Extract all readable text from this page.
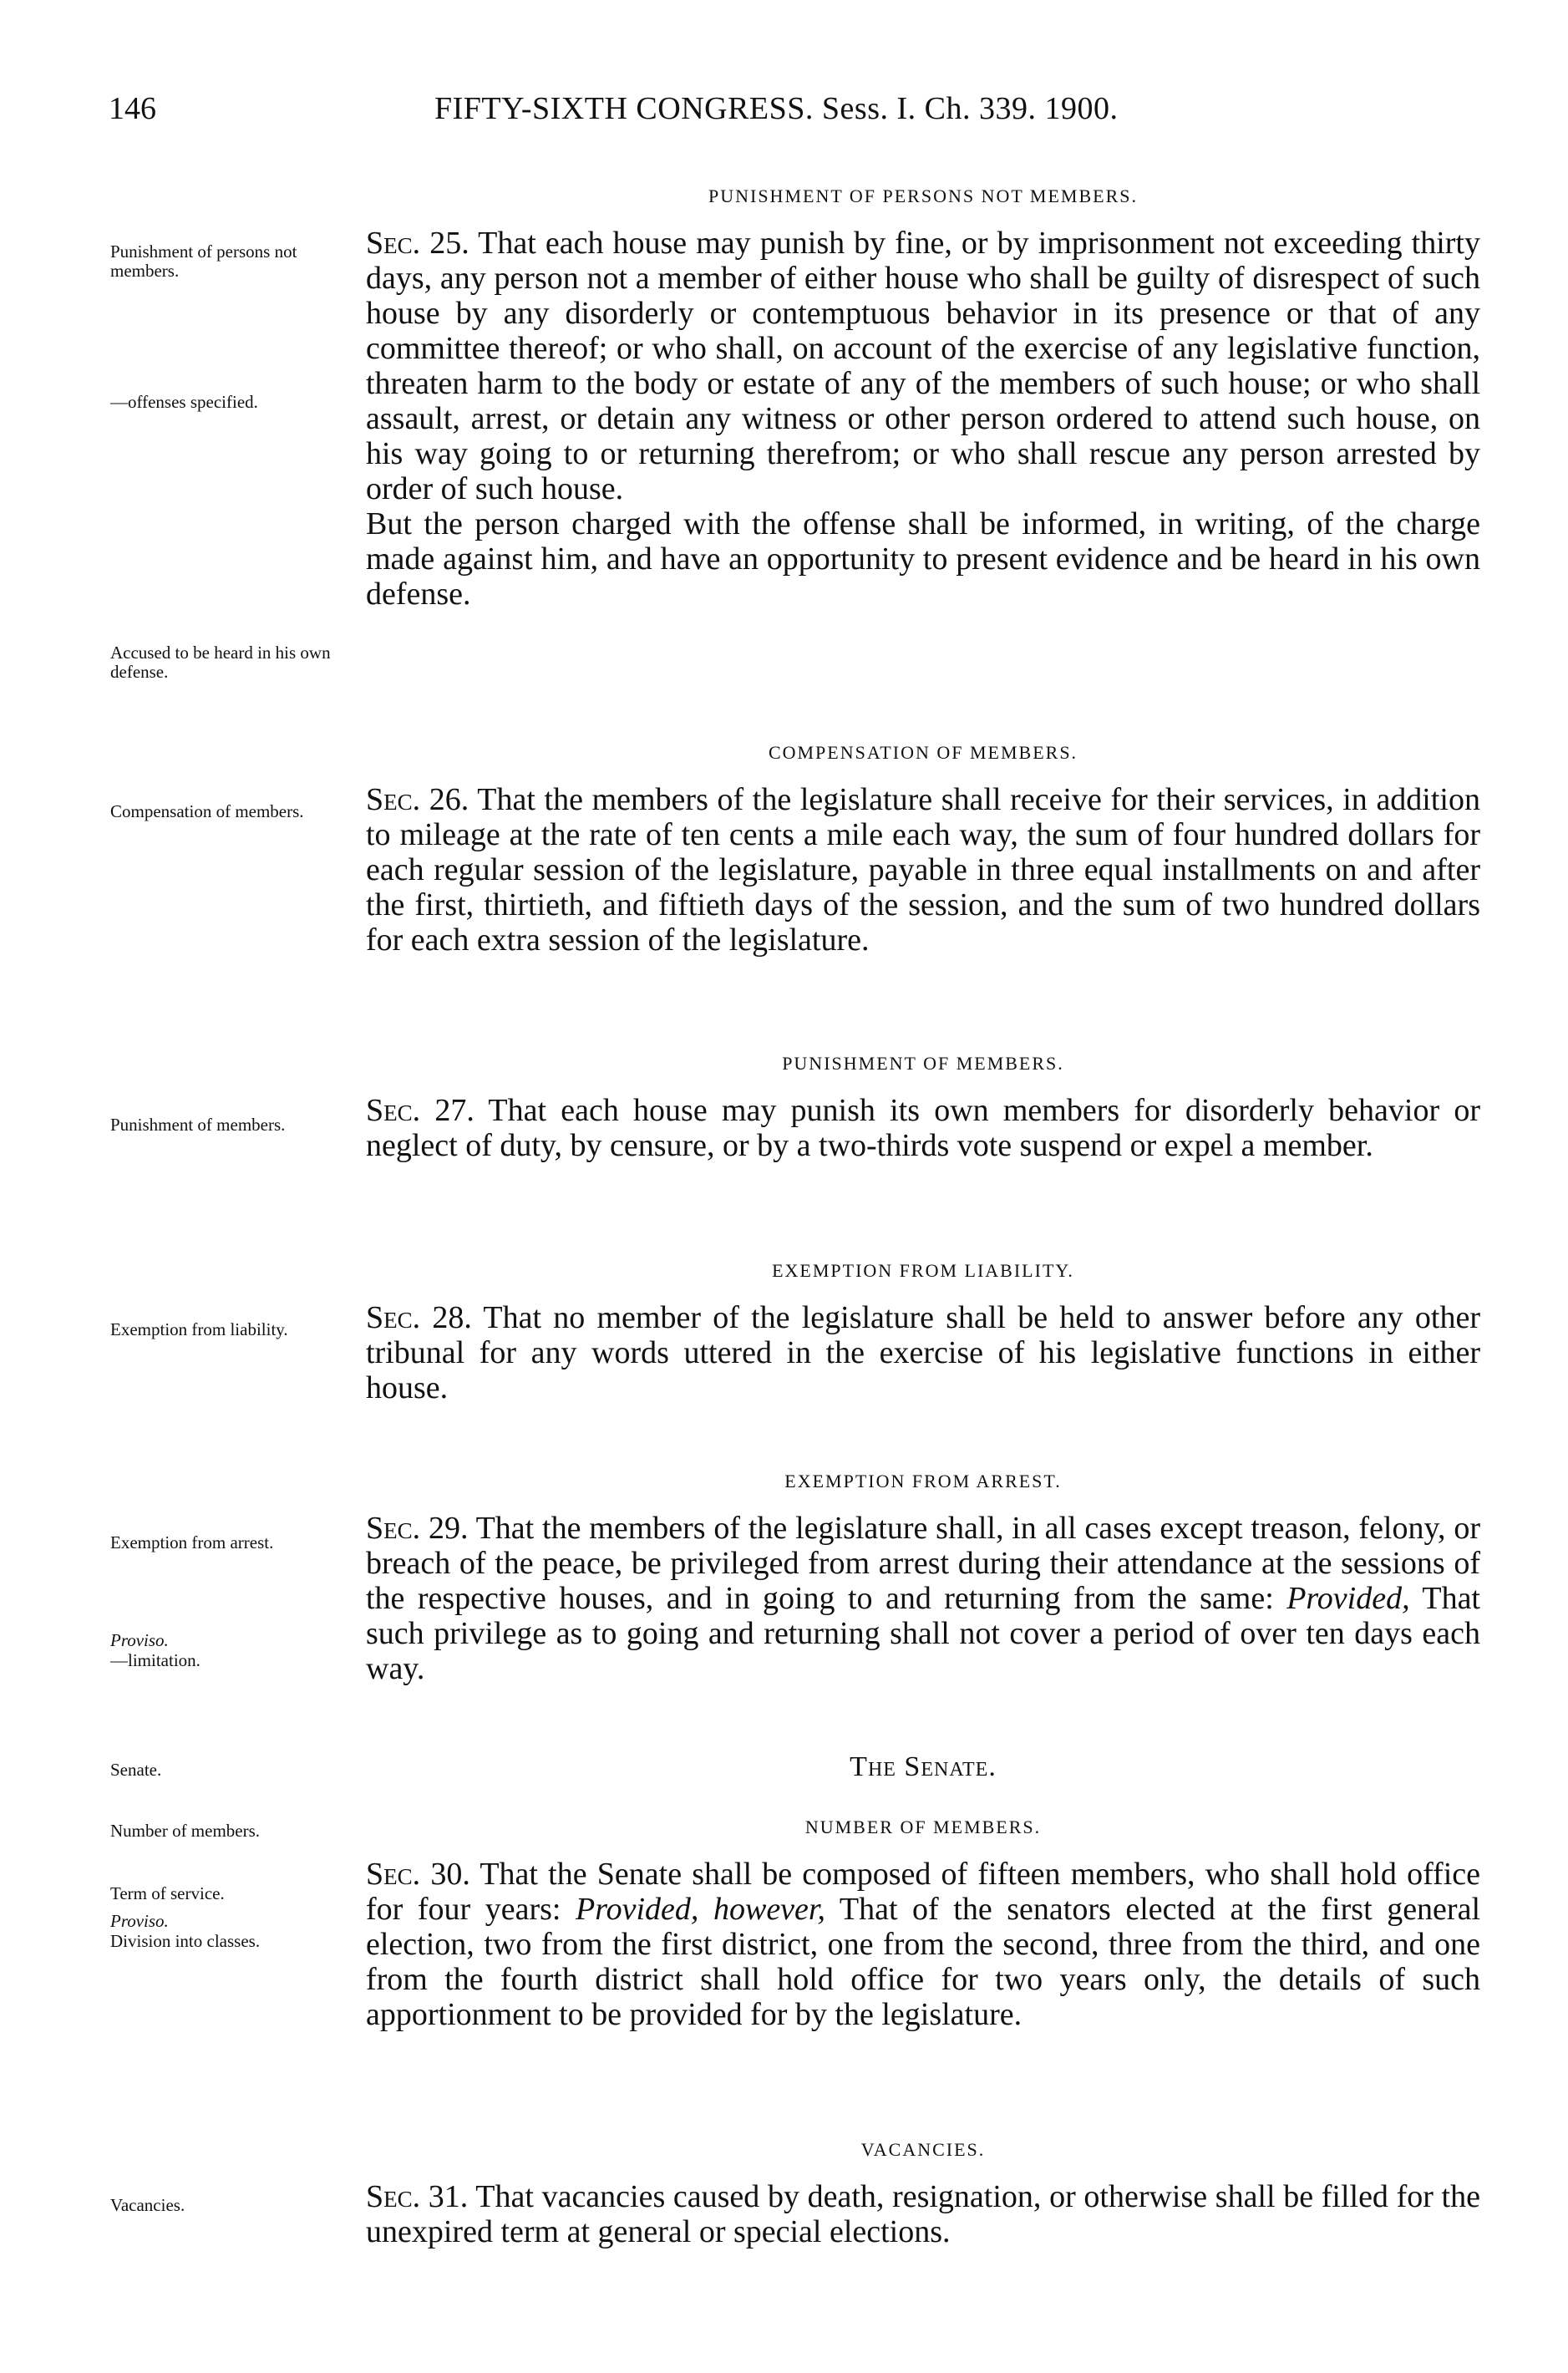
146	FIFTY-SIXTH CONGRESS. Sess. I. Ch. 339. 1900.
Punishment of persons not members.
—offenses specified.
Accused to be heard in his own defense.
Compensation of members.
Punishment of members.
Exemption from liability.
Exemption from arrest.
Proviso.
—limitation.
Senate.
Number of members.
Term of service.
Proviso.
Division into classes.
Vacancies.
PUNISHMENT OF PERSONS NOT MEMBERS.

Sec. 25. That each house may punish by fine, or by imprisonment not exceeding thirty days, any person not a member of either house who shall be guilty of disrespect of such house by any disorderly or contemptuous behavior in its presence or that of any committee thereof; or who shall, on account of the exercise of any legislative function, threaten harm to the body or estate of any of the members of such house; or who shall assault, arrest, or detain any witness or other person ordered to attend such house, on his way going to or returning therefrom; or who shall rescue any person arrested by order of such house.

But the person charged with the offense shall be informed, in writing, of the charge made against him, and have an opportunity to present evidence and be heard in his own defense.

COMPENSATION OF MEMBERS.

Sec. 26. That the members of the legislature shall receive for their services, in addition to mileage at the rate of ten cents a mile each way, the sum of four hundred dollars for each regular session of the legislature, payable in three equal installments on and after the first, thirtieth, and fiftieth days of the session, and the sum of two hundred dollars for each extra session of the legislature.

PUNISHMENT OF MEMBERS.

Sec. 27. That each house may punish its own members for disorderly behavior or neglect of duty, by censure, or by a two-thirds vote suspend or expel a member.

EXEMPTION FROM LIABILITY.

Sec. 28. That no member of the legislature shall be held to answer before any other tribunal for any words uttered in the exercise of his legislative functions in either house.

EXEMPTION FROM ARREST.

Sec. 29. That the members of the legislature shall, in all cases except treason, felony, or breach of the peace, be privileged from arrest during their attendance at the sessions of the respective houses, and in going to and returning from the same: Provided, That such privilege as to going and returning shall not cover a period of over ten days each way.

The Senate.
NUMBER OF MEMBERS.

Sec. 30. That the Senate shall be composed of fifteen members, who shall hold office for four years: Provided, however, That of the senators elected at the first general election, two from the first district, one from the second, three from the third, and one from the fourth district shall hold office for two years only, the details of such apportionment to be provided for by the legislature.

VACANCIES.

Sec. 31. That vacancies caused by death, resignation, or otherwise shall be filled for the unexpired term at general or special elections.
